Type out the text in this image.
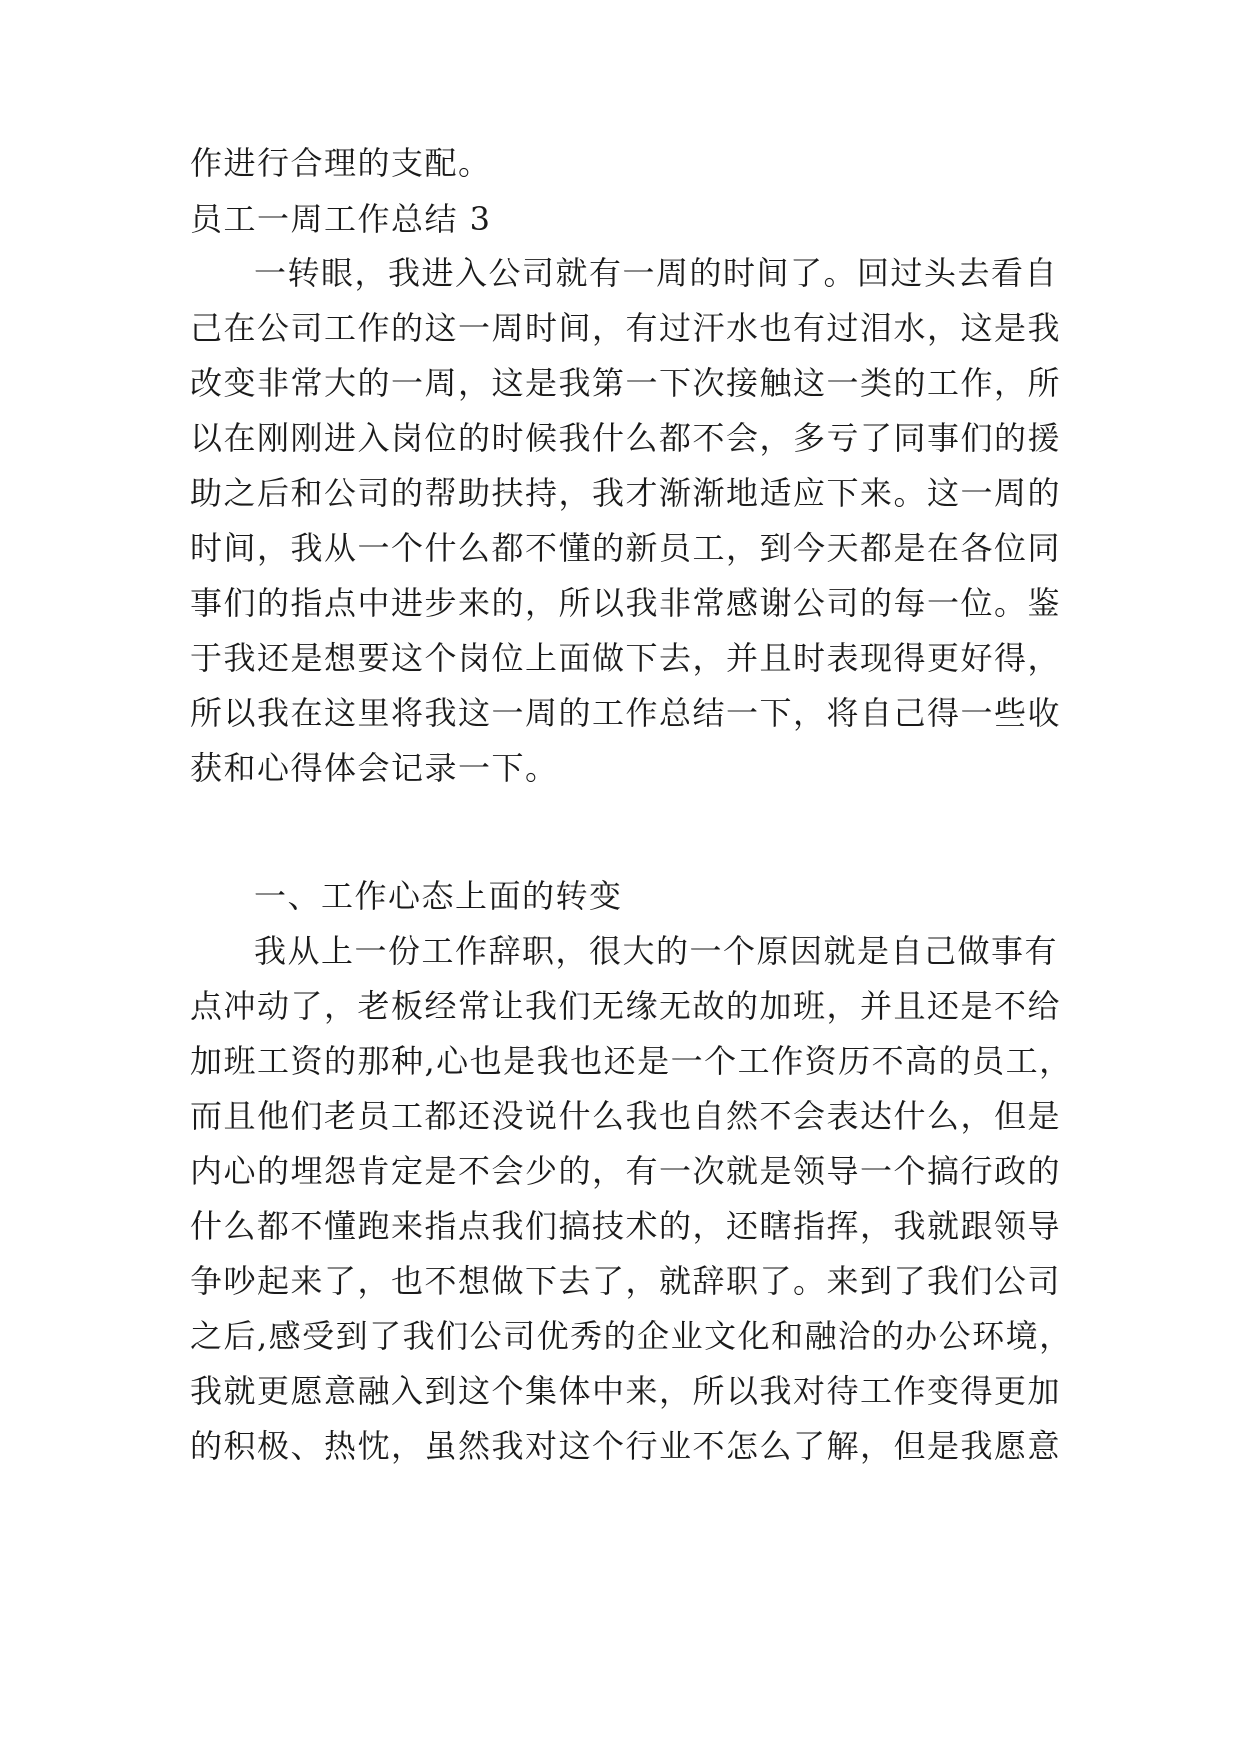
作进行合理的支配。
员工一周工作总结 3
一转眼，我进入公司就有一周的时间了。回过头去看自
己在公司工作的这一周时间，有过汗水也有过泪水，这是我
改变非常大的一周，这是我第一下次接触这一类的工作，所
以在刚刚进入岗位的时候我什么都不会，多亏了同事们的援
助之后和公司的帮助扶持，我才渐渐地适应下来。这一周的
时间，我从一个什么都不懂的新员工，到今天都是在各位同
事们的指点中进步来的，所以我非常感谢公司的每一位。鉴
于我还是想要这个岗位上面做下去，并且时表现得更好得，
所以我在这里将我这一周的工作总结一下，将自己得一些收
获和心得体会记录一下。
一、工作心态上面的转变
我从上一份工作辞职，很大的一个原因就是自己做事有
点冲动了，老板经常让我们无缘无故的加班，并且还是不给
加班工资的那种,心也是我也还是一个工作资历不高的员工，
而且他们老员工都还没说什么我也自然不会表达什么，但是
内心的埋怨肯定是不会少的，有一次就是领导一个搞行政的
什么都不懂跑来指点我们搞技术的，还瞎指挥，我就跟领导
争吵起来了，也不想做下去了，就辞职了。来到了我们公司
之后,感受到了我们公司优秀的企业文化和融洽的办公环境，
我就更愿意融入到这个集体中来，所以我对待工作变得更加
的积极、热忱，虽然我对这个行业不怎么了解，但是我愿意
